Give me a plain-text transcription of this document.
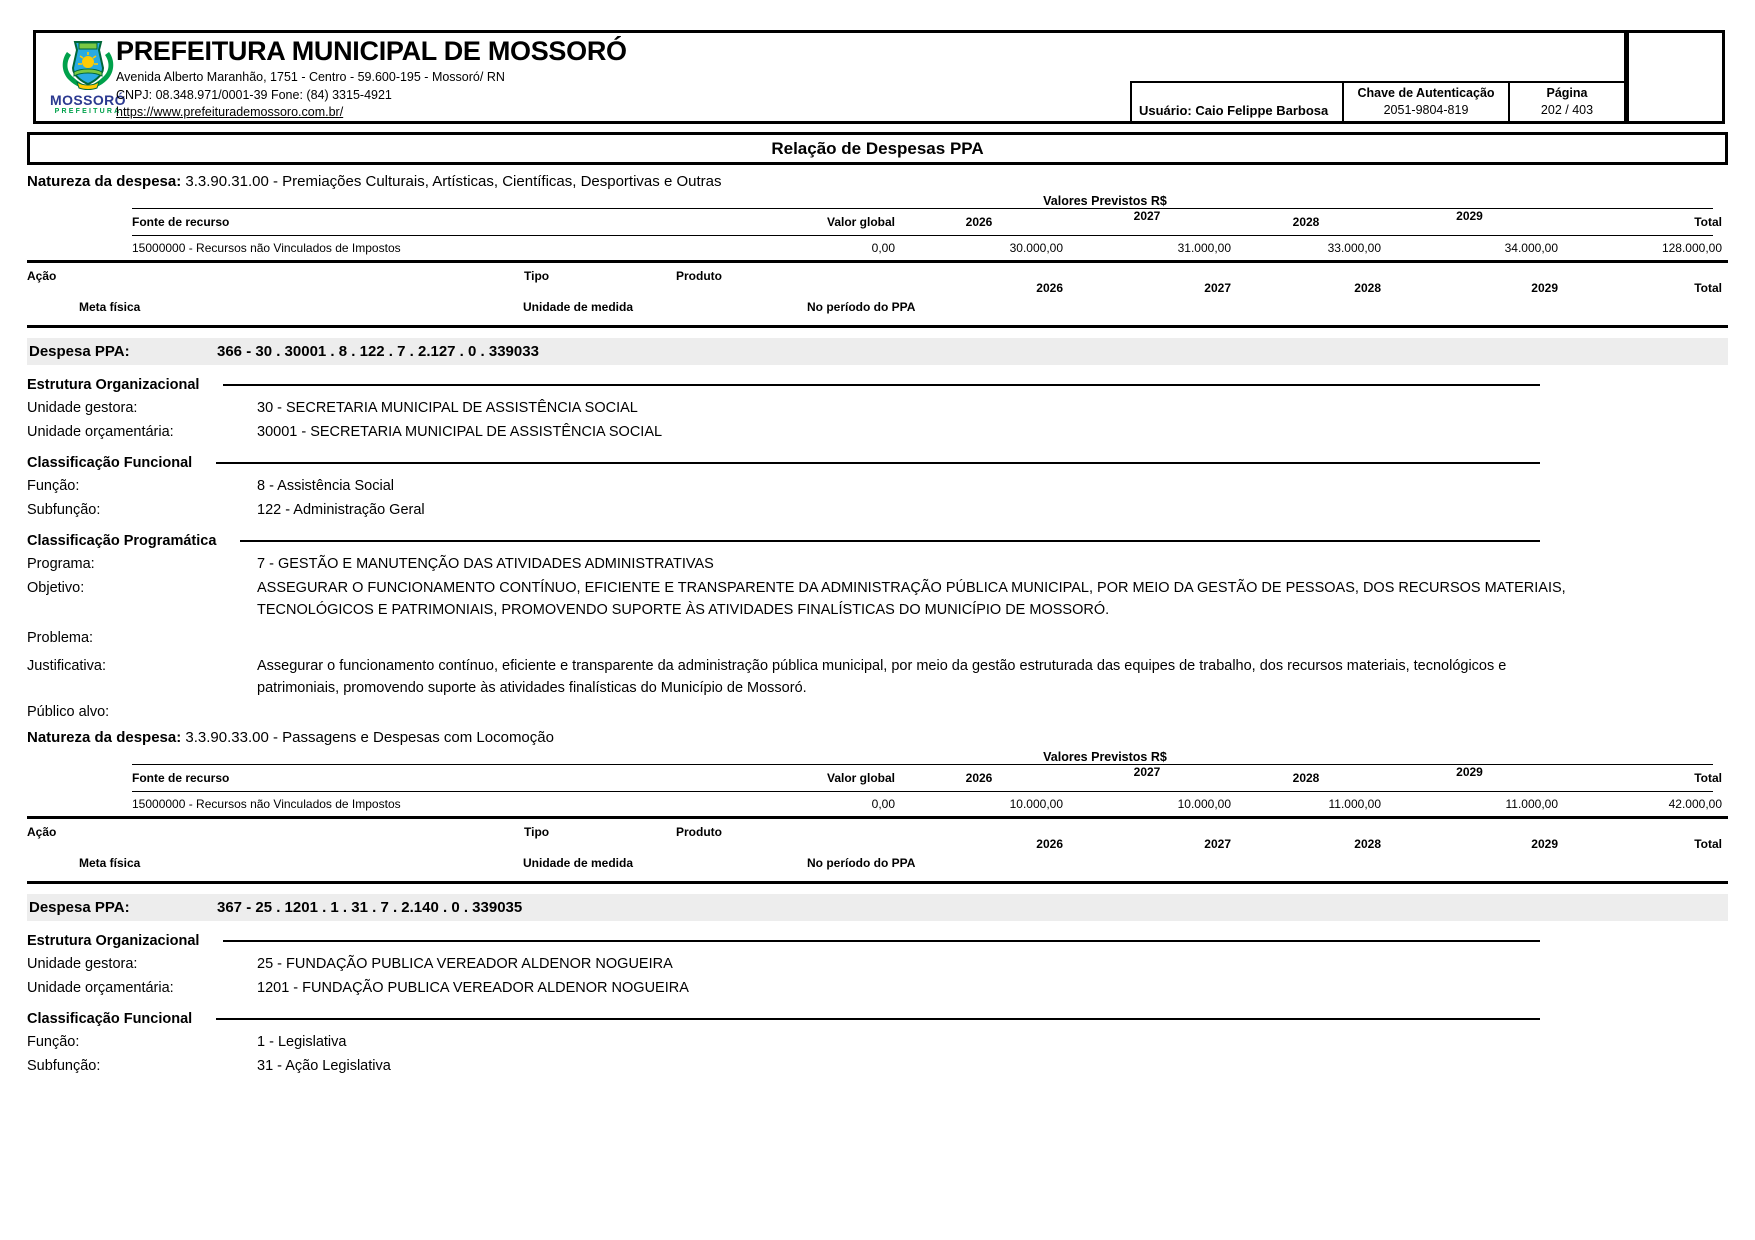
MOSSORÓ
PREFEITURA
PREFEITURA MUNICIPAL DE MOSSORÓ
Avenida Alberto Maranhão, 1751 - Centro - 59.600-195 - Mossoró/ RN
CNPJ: 08.348.971/0001-39 Fone: (84) 3315-4921
https://www.prefeiturademossoro.com.br/	Usuário: Caio Felippe Barbosa
Chave de Autenticação
2051-9804-819
Página
202 / 403
Relação de Despesas PPA
Natureza da despesa: 3.3.90.31.00 - Premiações Culturais, Artísticas, Científicas, Desportivas e Outras
Valores Previstos R$
Fonte de recurso	Valor global	2026	2027	2028	2029	Total
15000000 - Recursos não Vinculados de Impostos	0,00	30.000,00	31.000,00	33.000,00	34.000,00	128.000,00
Ação	Tipo	Produto
Meta física	Unidade de medida	No período do PPA
2026	2027	2028	2029	Total
Despesa PPA:	366 - 30 . 30001 . 8 . 122 . 7 . 2.127 . 0 . 339033
Estrutura Organizacional
Unidade gestora:	30 - SECRETARIA MUNICIPAL DE ASSISTÊNCIA SOCIAL
Unidade orçamentária:	30001 - SECRETARIA MUNICIPAL DE ASSISTÊNCIA SOCIAL
Classificação Funcional
Função:	8 - Assistência Social
Subfunção:	122 - Administração Geral
Classificação Programática
Programa:	7 - GESTÃO E MANUTENÇÃO DAS ATIVIDADES ADMINISTRATIVAS
Objetivo:	ASSEGURAR O FUNCIONAMENTO CONTÍNUO, EFICIENTE E TRANSPARENTE DA ADMINISTRAÇÃO PÚBLICA MUNICIPAL, POR MEIO DA GESTÃO DE PESSOAS, DOS RECURSOS MATERIAIS, TECNOLÓGICOS E PATRIMONIAIS, PROMOVENDO SUPORTE ÀS ATIVIDADES FINALÍSTICAS DO MUNICÍPIO DE MOSSORÓ.
Problema:
Justificativa:	Assegurar o funcionamento contínuo, eficiente e transparente da administração pública municipal, por meio da gestão estruturada das equipes de trabalho, dos recursos materiais, tecnológicos e patrimoniais, promovendo suporte às atividades finalísticas do Município de Mossoró.
Público alvo:
Natureza da despesa: 3.3.90.33.00 - Passagens e Despesas com Locomoção
Valores Previstos R$
Fonte de recurso	Valor global	2026	2027	2028	2029	Total
15000000 - Recursos não Vinculados de Impostos	0,00	10.000,00	10.000,00	11.000,00	11.000,00	42.000,00
Ação	Tipo	Produto
Meta física	Unidade de medida	No período do PPA
2026	2027	2028	2029	Total
Despesa PPA:	367 - 25 . 1201 . 1 . 31 . 7 . 2.140 . 0 . 339035
Estrutura Organizacional
Unidade gestora:	25 - FUNDAÇÃO PUBLICA VEREADOR ALDENOR NOGUEIRA
Unidade orçamentária:	1201 - FUNDAÇÃO PUBLICA VEREADOR ALDENOR NOGUEIRA
Classificação Funcional
Função:	1 - Legislativa
Subfunção:	31 - Ação Legislativa
